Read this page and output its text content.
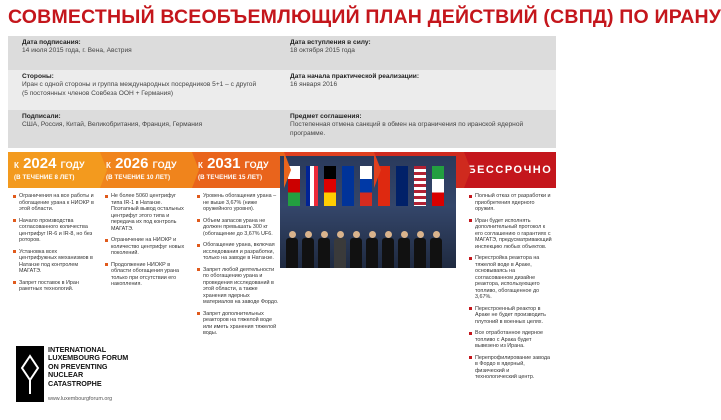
СОВМЕСТНЫЙ ВСЕОБЪЕМЛЮЩИЙ ПЛАН ДЕЙСТВИЙ (СВПД) ПО ИРАНУ
Дата подписания:
14 июля 2015 года, г. Вена, Австрия
Дата вступления в силу:
18 октября 2015 года
Стороны:
Иран с одной стороны и группа международных посредников 5+1 – с другой
(5 постоянных членов Совбеза ООН + Германия)
Дата начала практической реализации:
16 января 2016
Подписали:
США, Россия, Китай, Великобритания, Франция, Германия
Предмет соглашения:
Постепенная отмена санкций в обмен на ограничения по иранской ядерной программе.
К 2024 ГОДУ
(В ТЕЧЕНИЕ 8 ЛЕТ)
Ограничения на все работы и обогащение урана к НИОКР в этой области.
Начало производства согласованного количества центрифуг IR-6 и IR-8, но без роторов.
Установка всех центрифужных механизмов в Натанзе под контролем МАГАТЭ.
Запрет поставок в Иран ракетных технологий.
К 2026 ГОДУ
(В ТЕЧЕНИЕ 10 ЛЕТ)
Не более 5060 центрифуг типа IR-1 в Натанзе. Поэтапный вывод остальных центрифуг этого типа и передача их под контроль МАГАТЭ.
Ограничение на НИОКР и количество центрифуг новых поколений.
Продолжение НИОКР в области обогащения урана только при отсутствии его накопления.
К 2031 ГОДУ
(В ТЕЧЕНИЕ 15 ЛЕТ)
Уровень обогащения урана – не выше 3,67% (ниже оружейного уровня).
Объем запасов урана не должен превышать 300 кг (обогащение до 3,67% UF6.
Обогащение урана, включая исследования и разработки, только на заводе в Натанзе.
Запрет любой деятельности по обогащению урана и проведения исследований в этой области, а также хранения ядерных материалов на заводе Фордо.
Запрет дополнительных реакторов на тяжелой воде или иметь хранения тяжелой воды.
БЕССРОЧНО
Полный отказ от разработки и приобретения ядерного оружия.
Иран будет исполнять дополнительный протокол к его соглашению о гарантиях с МАГАТЭ, предусматривающий инспекцию любых объектов.
Перестройка реактора на тяжелой воде в Араке, основываясь на согласованном дизайне реактора, использующего топливо, обогащенное до 3,67%.
Перестроенный реактор в Араке не будет производить плутоний в военных целях.
Все отработанное ядерное топливо с Арака будет вывезено из Ирана.
Перепрофилирование завода в Фордо в ядерный, физический и технологический центр.
INTERNATIONAL
LUXEMBOURG FORUM
ON PREVENTING
NUCLEAR
CATASTROPHE
www.luxembourgforum.org
